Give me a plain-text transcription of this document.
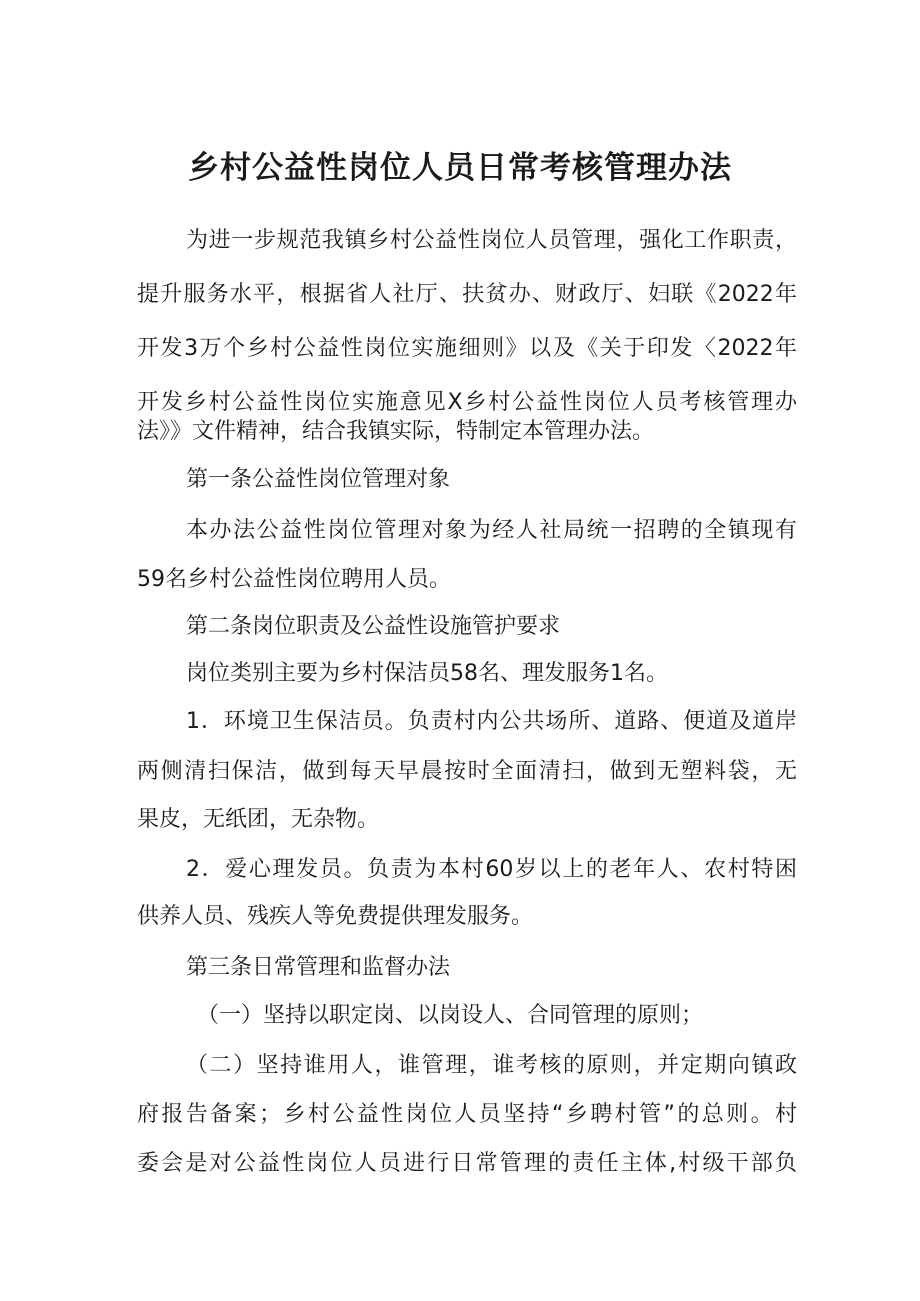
乡村公益性岗位人员日常考核管理办法
为进一步规范我镇乡村公益性岗位人员管理，强化工作职责，
提升服务水平，根据省人社厅、扶贫办、财政厅、妇联《2022年
开发3万个乡村公益性岗位实施细则》以及《关于印发〈2022年
开发乡村公益性岗位实施意见X乡村公益性岗位人员考核管理办
法》》文件精神，结合我镇实际，特制定本管理办法。
第一条公益性岗位管理对象
本办法公益性岗位管理对象为经人社局统一招聘的全镇现有
59名乡村公益性岗位聘用人员。
第二条岗位职责及公益性设施管护要求
岗位类别主要为乡村保洁员58名、理发服务1名。
1．环境卫生保洁员。负责村内公共场所、道路、便道及道岸
两侧清扫保洁，做到每天早晨按时全面清扫，做到无塑料袋，无
果皮，无纸团，无杂物。
2．爱心理发员。负责为本村60岁以上的老年人、农村特困
供养人员、残疾人等免费提供理发服务。
第三条日常管理和监督办法
（一）坚持以职定岗、以岗设人、合同管理的原则；
（二）坚持谁用人，谁管理，谁考核的原则，并定期向镇政
府报告备案；乡村公益性岗位人员坚持“乡聘村管”的总则。村
委会是对公益性岗位人员进行日常管理的责任主体,村级干部负
